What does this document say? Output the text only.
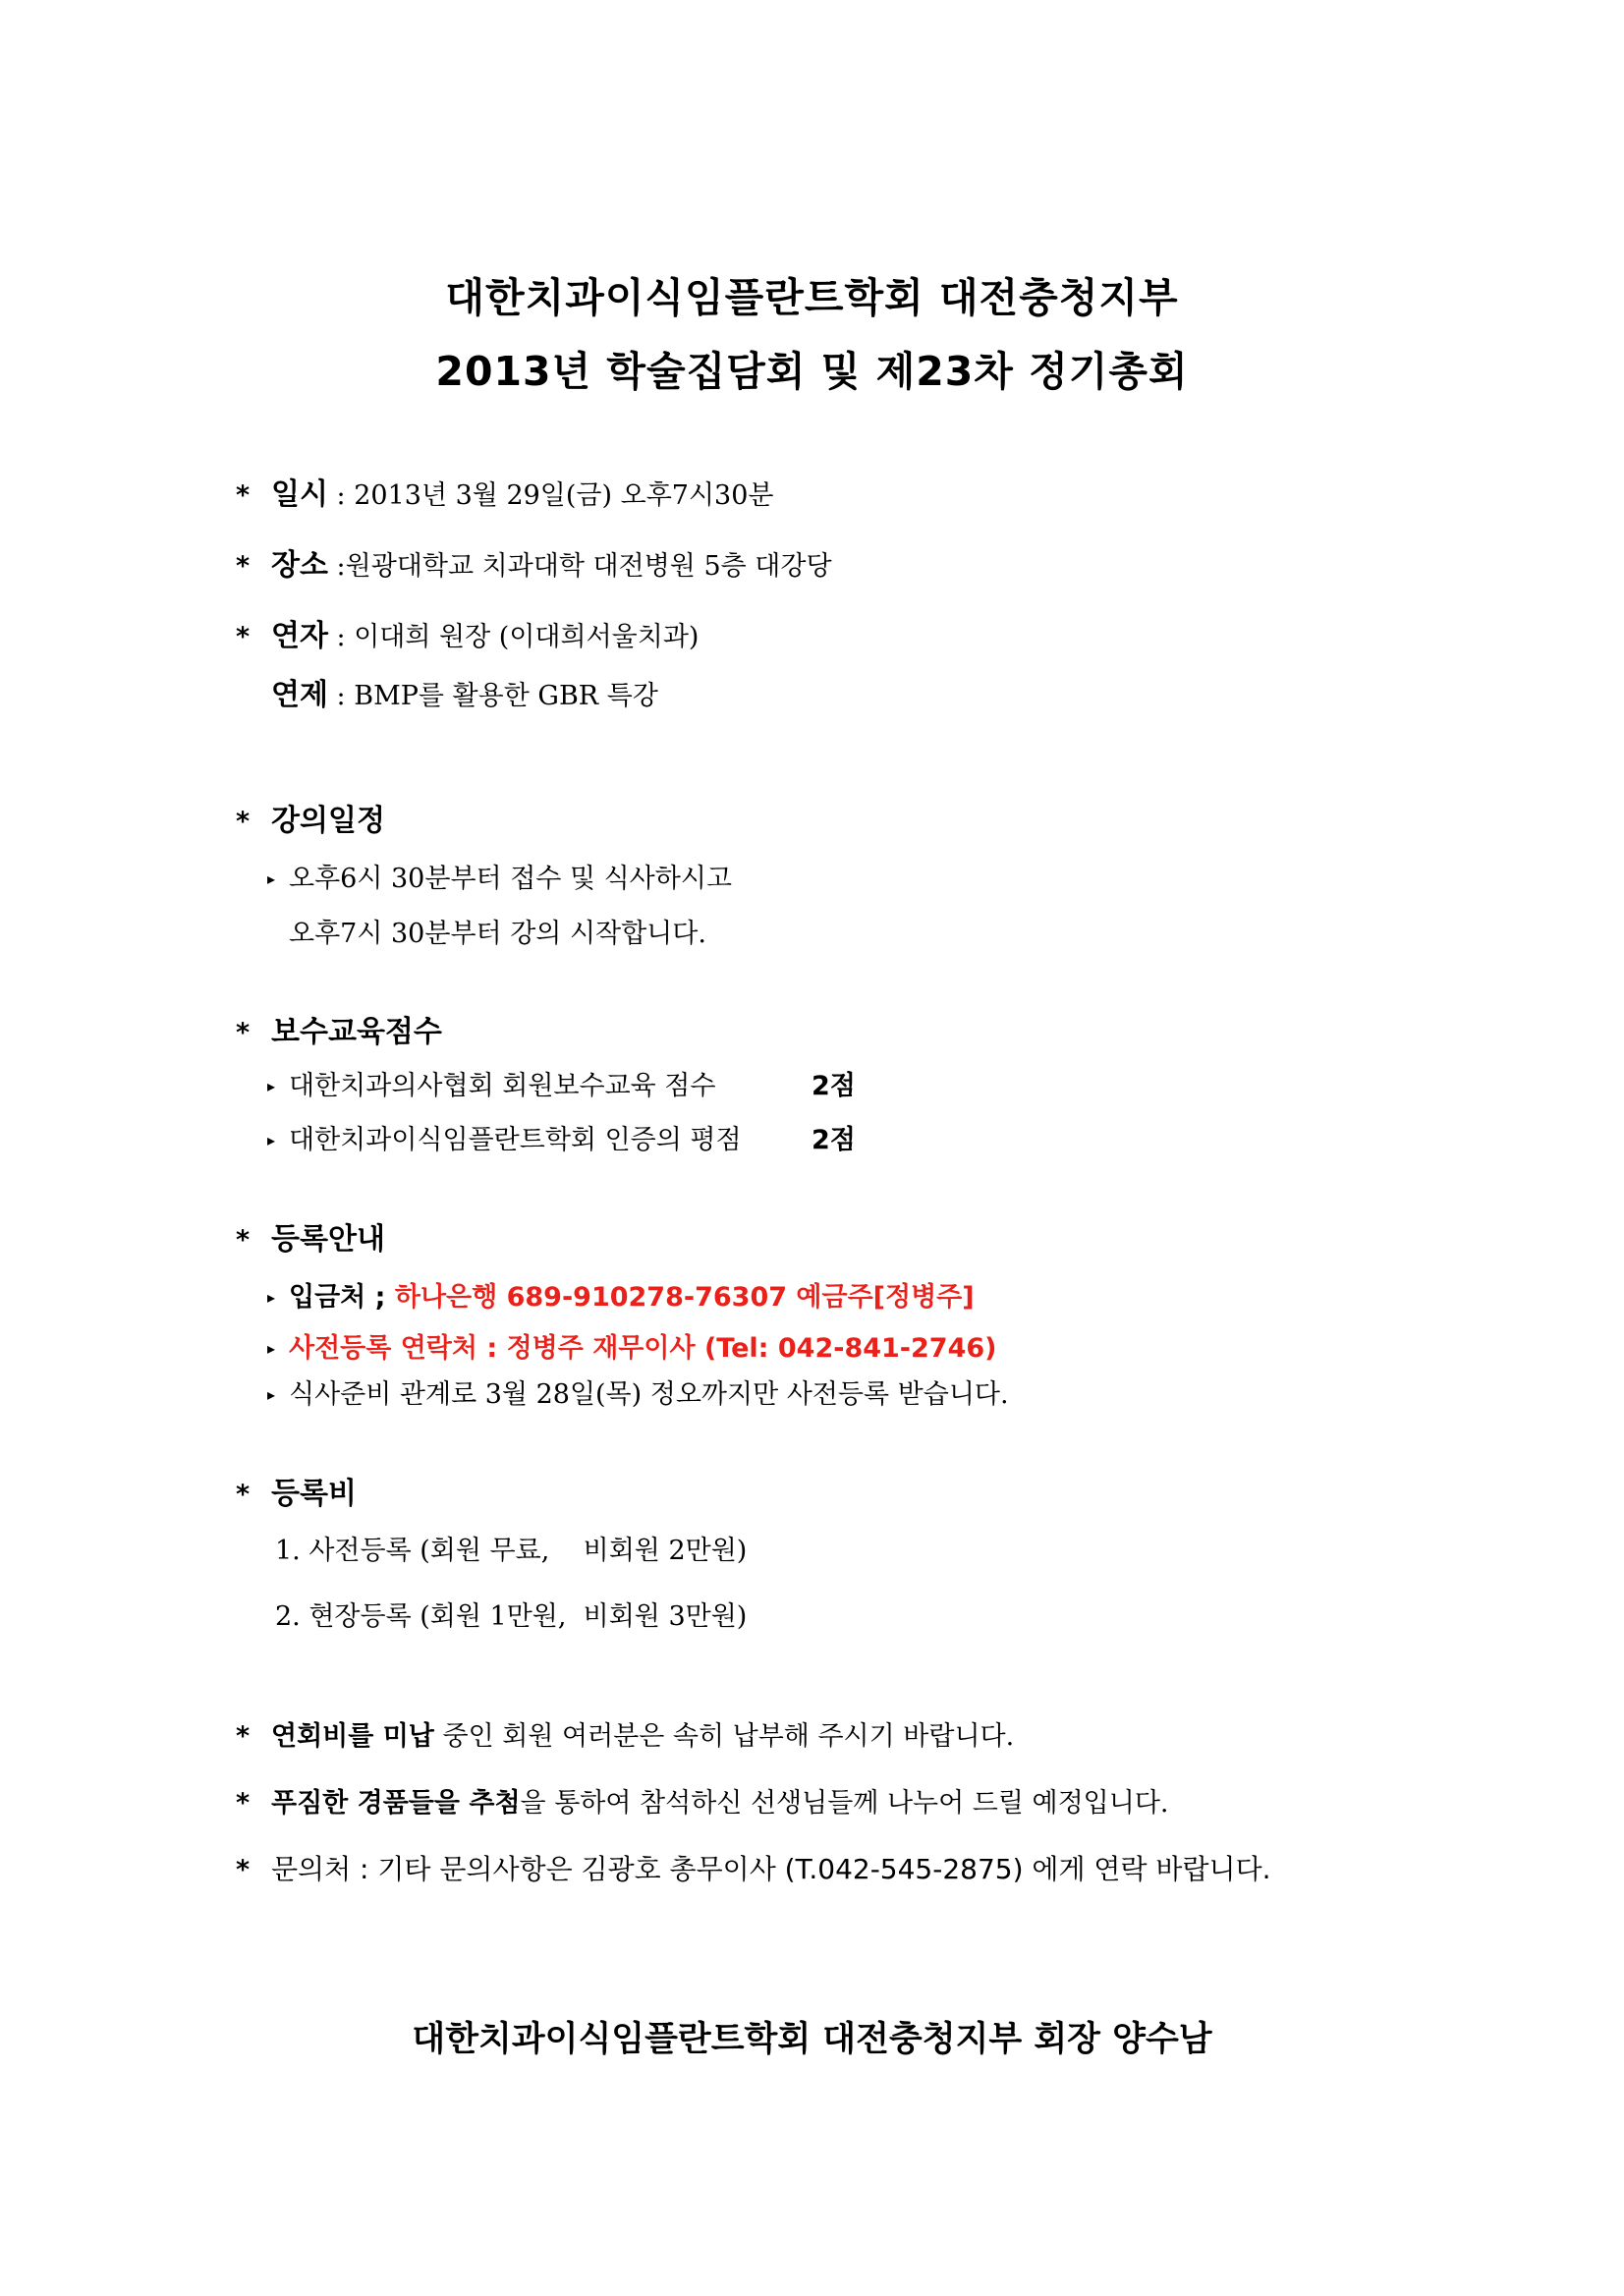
대한치과이식임플란트학회 대전충청지부
2013년 학술집담회 및 제23차 정기총회
* 일시 : 2013년 3월 29일(금) 오후7시30분
* 장소 :원광대학교 치과대학 대전병원 5층 대강당
* 연자 : 이대희 원장 (이대희서울치과)
연제 : BMP를 활용한 GBR 특강
* 강의일정
▸ 오후6시 30분부터 접수 및 식사하시고
오후7시 30분부터 강의 시작합니다.
* 보수교육점수
▸ 대한치과의사협회 회원보수교육 점수	2점
▸ 대한치과이식임플란트학회 인증의 평점	2점
* 등록안내
▸ 입금처 ; 하나은행 689-910278-76307 예금주[정병주]
▸ 사전등록 연락처 : 정병주 재무이사 (Tel: 042-841-2746)
▸ 식사준비 관계로 3월 28일(목) 정오까지만 사전등록 받습니다.
* 등록비
1. 사전등록 (회원 무료,    비회원 2만원)
2. 현장등록 (회원 1만원,  비회원 3만원)
* 연회비를 미납 중인 회원 여러분은 속히 납부해 주시기 바랍니다.
* 푸짐한 경품들을 추첨을 통하여 참석하신 선생님들께 나누어 드릴 예정입니다.
* 문의처 : 기타 문의사항은 김광호 총무이사 (T.042-545-2875) 에게 연락 바랍니다.
대한치과이식임플란트학회 대전충청지부 회장 양수남
